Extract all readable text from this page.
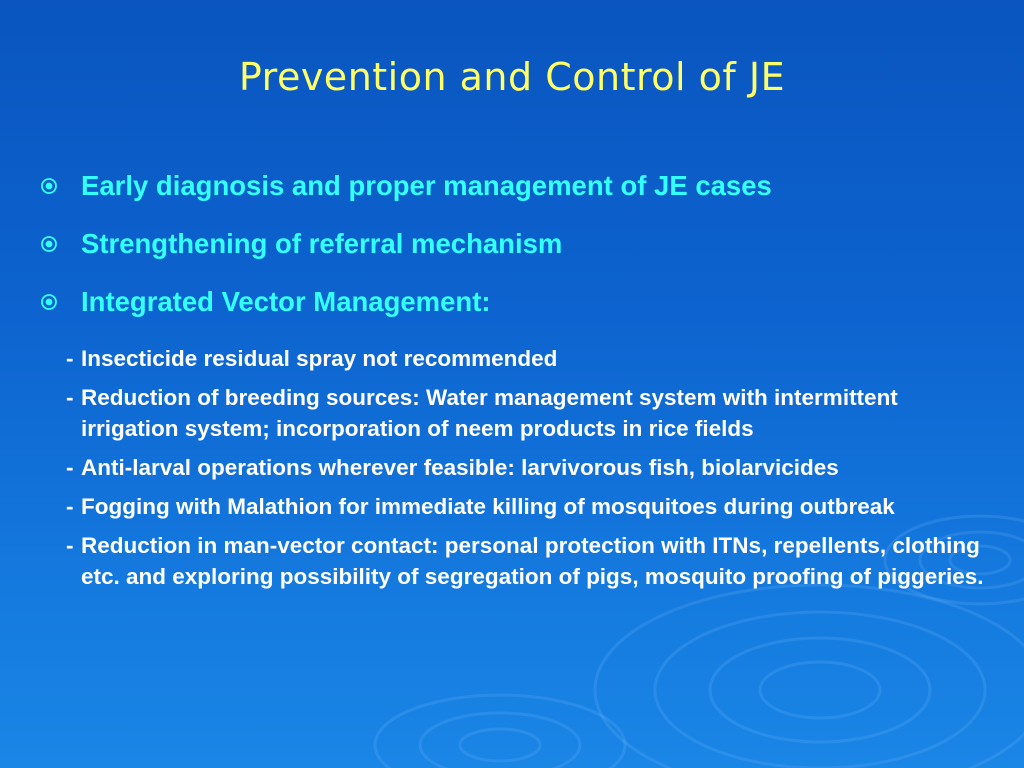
Prevention and Control of JE
Early diagnosis and proper management of JE cases
Strengthening of referral mechanism
Integrated Vector Management:
- Insecticide residual spray not recommended
- Reduction of breeding sources: Water management system with intermittent irrigation system; incorporation of neem products in rice fields
- Anti-larval operations wherever feasible: larvivorous fish, biolarvicides
- Fogging with Malathion for immediate killing of mosquitoes during outbreak
- Reduction in man-vector contact: personal protection with ITNs, repellents, clothing etc. and exploring possibility of segregation of pigs, mosquito proofing of piggeries.
